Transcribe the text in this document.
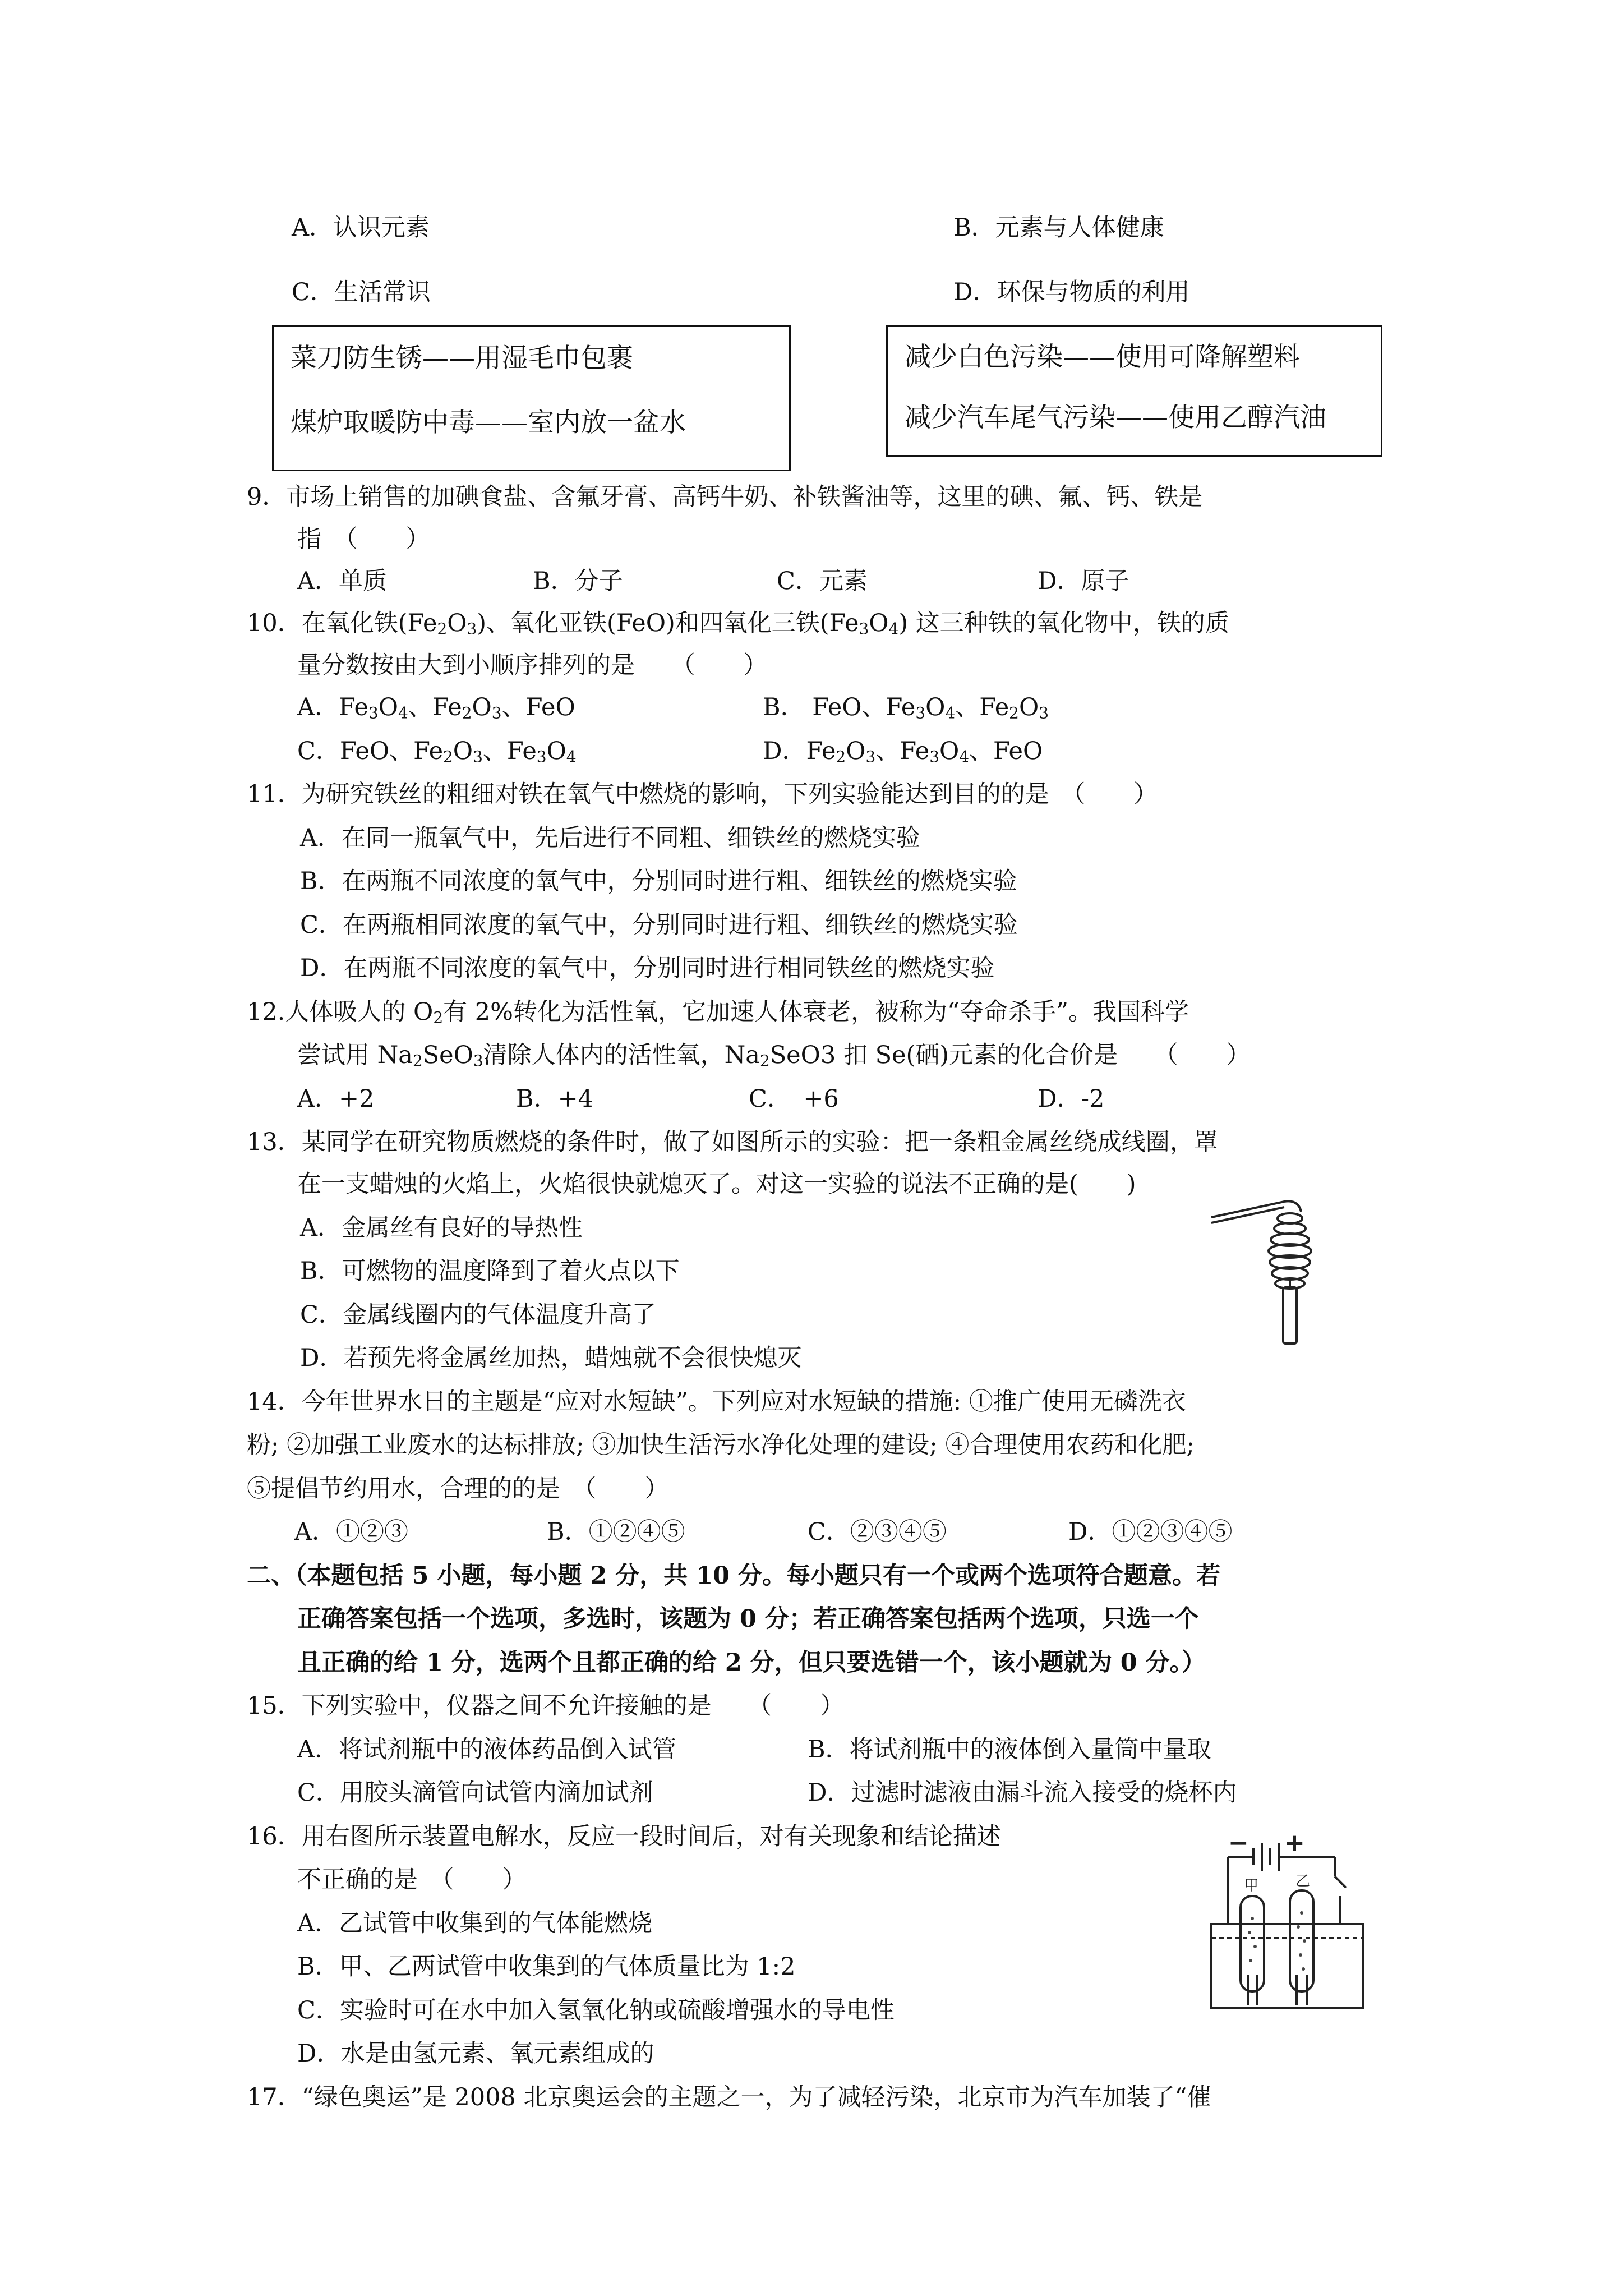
A．认识元素	B．元素与人体健康
C．生活常识	D．环保与物质的利用
菜刀防生锈——用湿毛巾包裹
煤炉取暖防中毒——室内放一盆水
减少白色污染——使用可降解塑料
减少汽车尾气污染——使用乙醇汽油
9．市场上销售的加碘食盐、含氟牙膏、高钙牛奶、补铁酱油等，这里的碘、氟、钙、铁是
指　（　　）
A．单质	B．分子	C．元素	D．原子
10．在氧化铁$(Fe_2O_3)$、氧化亚铁(FeO)和四氧化三铁$(Fe_3O_4)$ 这三种铁的氧化物中，铁的质
量分数按由大到小顺序排列的是　　（　　）
A．$Fe_3O_4$、$Fe_2O_3$、FeO	B． FeO、$Fe_3O_4$、$Fe_2O_3$
C．FeO、$Fe_2O_3$、$Fe_3O_4$	D．$Fe_2O_3$、$Fe_3O_4$、FeO
11．为研究铁丝的粗细对铁在氧气中燃烧的影响，下列实验能达到目的的是　（　　）
A．在同一瓶氧气中，先后进行不同粗、细铁丝的燃烧实验
B．在两瓶不同浓度的氧气中，分别同时进行粗、细铁丝的燃烧实验
C．在两瓶相同浓度的氧气中，分别同时进行粗、细铁丝的燃烧实验
D．在两瓶不同浓度的氧气中，分别同时进行相同铁丝的燃烧实验
12.人体吸人的 $O_2$有 2%转化为活性氧，它加速人体衰老，被称为“夺命杀手”。我国科学
尝试用 $Na_2SeO_3$清除人体内的活性氧，$Na_2SeO3$ 扣 Se(硒)元素的化合价是　　（　　）
A．+2	B．+4	C．　+6	D．-2
13．某同学在研究物质燃烧的条件时，做了如图所示的实验：把一条粗金属丝绕成线圈，罩
在一支蜡烛的火焰上，火焰很快就熄灭了。对这一实验的说法不正确的是(　　)
A．金属丝有良好的导热性
B．可燃物的温度降到了着火点以下
C．金属线圈内的气体温度升高了
D．若预先将金属丝加热，蜡烛就不会很快熄灭
14．今年世界水日的主题是“应对水短缺”。下列应对水短缺的措施: ①推广使用无磷洗衣
粉; ②加强工业废水的达标排放; ③加快生活污水净化处理的建设; ④合理使用农药和化肥;
⑤提倡节约用水，合理的的是　（　　）
A．①②③	B．①②④⑤	C．②③④⑤	D．①②③④⑤
二、（本题包括 5 小题，每小题 2 分，共 10 分。每小题只有一个或两个选项符合题意。若
正确答案包括一个选项，多选时，该题为 0 分；若正确答案包括两个选项，只选一个
且正确的给 1 分，选两个且都正确的给 2 分，但只要选错一个，该小题就为 0 分。）
15．下列实验中，仪器之间不允许接触的是　　（　　）
A．将试剂瓶中的液体药品倒入试管	B．将试剂瓶中的液体倒入量筒中量取
C．用胶头滴管向试管内滴加试剂	D．过滤时滤液由漏斗流入接受的烧杯内
16．用右图所示装置电解水，反应一段时间后，对有关现象和结论描述
不正确的是　（　　）
A．乙试管中收集到的气体能燃烧
B．甲、乙两试管中收集到的气体质量比为 1:2
C．实验时可在水中加入氢氧化钠或硫酸增强水的导电性
D．水是由氢元素、氧元素组成的
− +
甲	乙
17．“绿色奥运”是 2008 北京奥运会的主题之一，为了减轻污染，北京市为汽车加装了“催
